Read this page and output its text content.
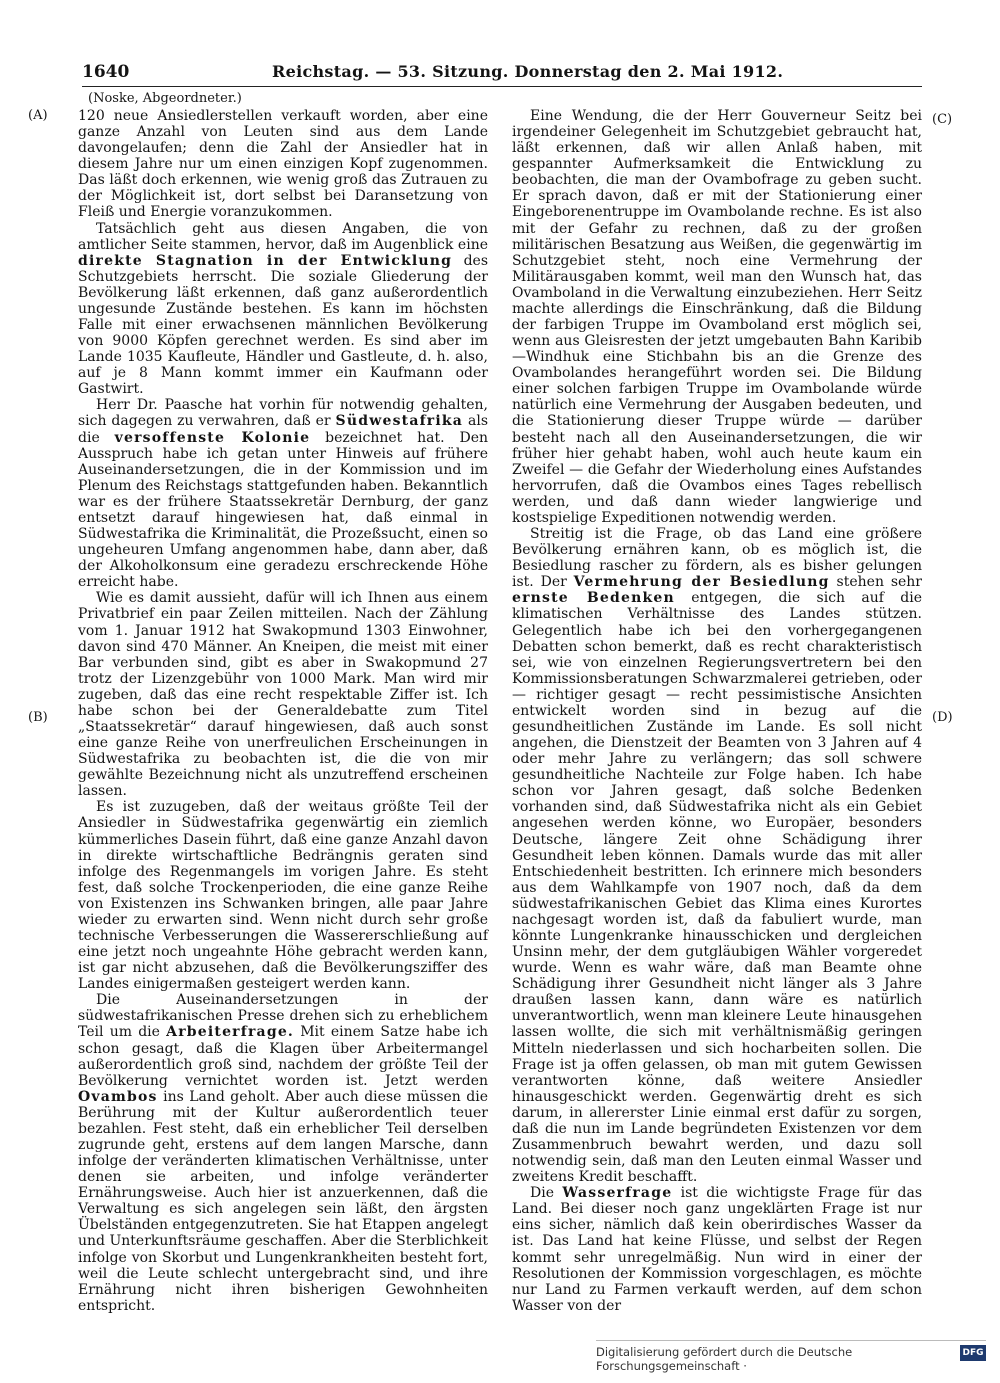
1640	Reichstag. — 53. Sitzung. Donnerstag den 2. Mai 1912.
(Noske, Abgeordneter.)
(A)
(B)
(C)
(D)

120 neue Ansiedlerstellen verkauft worden, aber eine ganze Anzahl von Leuten sind aus dem Lande davongelaufen; denn die Zahl der Ansiedler hat in diesem Jahre nur um einen einzigen Kopf zugenommen. Das läßt doch erkennen, wie wenig groß das Zutrauen zu der Möglichkeit ist, dort selbst bei Daransetzung von Fleiß und Energie voranzukommen.

Tatsächlich geht aus diesen Angaben, die von amtlicher Seite stammen, hervor, daß im Augenblick eine direkte Stagnation in der Entwicklung des Schutzgebiets herrscht. Die soziale Gliederung der Bevölkerung läßt erkennen, daß ganz außerordentlich ungesunde Zustände bestehen. Es kann im höchsten Falle mit einer erwachsenen männlichen Bevölkerung von 9000 Köpfen gerechnet werden. Es sind aber im Lande 1035 Kaufleute, Händler und Gastleute, d. h. also, auf je 8 Mann kommt immer ein Kaufmann oder Gastwirt.

Herr Dr. Paasche hat vorhin für notwendig gehalten, sich dagegen zu verwahren, daß er Südwestafrika als die versoffenste Kolonie bezeichnet hat. Den Ausspruch habe ich getan unter Hinweis auf frühere Auseinandersetzungen, die in der Kommission und im Plenum des Reichstags stattgefunden haben. Bekanntlich war es der frühere Staatssekretär Dernburg, der ganz entsetzt darauf hingewiesen hat, daß einmal in Südwestafrika die Kriminalität, die Prozeßsucht, einen so ungeheuren Umfang angenommen habe, dann aber, daß der Alkoholkonsum eine geradezu erschreckende Höhe erreicht habe.

Wie es damit aussieht, dafür will ich Ihnen aus einem Privatbrief ein paar Zeilen mitteilen. Nach der Zählung vom 1. Januar 1912 hat Swakopmund 1303 Einwohner, davon sind 470 Männer. An Kneipen, die meist mit einer Bar verbunden sind, gibt es aber in Swakopmund 27 trotz der Lizenzgebühr von 1000 Mark. Man wird mir zugeben, daß das eine recht respektable Ziffer ist. Ich habe schon bei der Generaldebatte zum Titel „Staatssekretär“ darauf hingewiesen, daß auch sonst eine ganze Reihe von unerfreulichen Erscheinungen in Südwestafrika zu beobachten ist, die die von mir gewählte Bezeichnung nicht als unzutreffend erscheinen lassen.

Es ist zuzugeben, daß der weitaus größte Teil der Ansiedler in Südwestafrika gegenwärtig ein ziemlich kümmerliches Dasein führt, daß eine ganze Anzahl davon in direkte wirtschaftliche Bedrängnis geraten sind infolge des Regenmangels im vorigen Jahre. Es steht fest, daß solche Trockenperioden, die eine ganze Reihe von Existenzen ins Schwanken bringen, alle paar Jahre wieder zu erwarten sind. Wenn nicht durch sehr große technische Verbesserungen die Wassererschließung auf eine jetzt noch ungeahnte Höhe gebracht werden kann, ist gar nicht abzusehen, daß die Bevölkerungsziffer des Landes einigermaßen gesteigert werden kann.

Die Auseinandersetzungen in der südwestafrikanischen Presse drehen sich zu erheblichem Teil um die Arbeiterfrage. Mit einem Satze habe ich schon gesagt, daß die Klagen über Arbeitermangel außerordentlich groß sind, nachdem der größte Teil der Bevölkerung vernichtet worden ist. Jetzt werden Ovambos ins Land geholt. Aber auch diese müssen die Berührung mit der Kultur außerordentlich teuer bezahlen. Fest steht, daß ein erheblicher Teil derselben zugrunde geht, erstens auf dem langen Marsche, dann infolge der veränderten klimatischen Verhältnisse, unter denen sie arbeiten, und infolge veränderter Ernährungsweise. Auch hier ist anzuerkennen, daß die Verwaltung es sich angelegen sein läßt, den ärgsten Übelständen entgegenzutreten. Sie hat Etappen angelegt und Unterkunftsräume geschaffen. Aber die Sterblichkeit infolge von Skorbut und Lungenkrankheiten besteht fort, weil die Leute schlecht untergebracht sind, und ihre Ernährung nicht ihren bisherigen Gewohnheiten entspricht.

Eine Wendung, die der Herr Gouverneur Seitz bei irgendeiner Gelegenheit im Schutzgebiet gebraucht hat, läßt erkennen, daß wir allen Anlaß haben, mit gespannter Aufmerksamkeit die Entwicklung zu beobachten, die man der Ovambofrage zu geben sucht. Er sprach davon, daß er mit der Stationierung einer Eingeborenentruppe im Ovambolande rechne. Es ist also mit der Gefahr zu rechnen, daß zu der großen militärischen Besatzung aus Weißen, die gegenwärtig im Schutzgebiet steht, noch eine Vermehrung der Militärausgaben kommt, weil man den Wunsch hat, das Ovamboland in die Verwaltung einzubeziehen. Herr Seitz machte allerdings die Einschränkung, daß die Bildung der farbigen Truppe im Ovamboland erst möglich sei, wenn aus Gleisresten der jetzt umgebauten Bahn Karibib—Windhuk eine Stichbahn bis an die Grenze des Ovambolandes herangeführt worden sei. Die Bildung einer solchen farbigen Truppe im Ovambolande würde natürlich eine Vermehrung der Ausgaben bedeuten, und die Stationierung dieser Truppe würde — darüber besteht nach all den Auseinandersetzungen, die wir früher hier gehabt haben, wohl auch heute kaum ein Zweifel — die Gefahr der Wiederholung eines Aufstandes hervorrufen, daß die Ovambos eines Tages rebellisch werden, und daß dann wieder langwierige und kostspielige Expeditionen notwendig werden.

Streitig ist die Frage, ob das Land eine größere Bevölkerung ernähren kann, ob es möglich ist, die Besiedlung rascher zu fördern, als es bisher gelungen ist. Der Vermehrung der Besiedlung stehen sehr ernste Bedenken entgegen, die sich auf die klimatischen Verhältnisse des Landes stützen. Gelegentlich habe ich bei den vorhergegangenen Debatten schon bemerkt, daß es recht charakteristisch sei, wie von einzelnen Regierungsvertretern bei den Kommissionsberatungen Schwarzmalerei getrieben, oder — richtiger gesagt — recht pessimistische Ansichten entwickelt worden sind in bezug auf die gesundheitlichen Zustände im Lande. Es soll nicht angehen, die Dienstzeit der Beamten von 3 Jahren auf 4 oder mehr Jahre zu verlängern; das soll schwere gesundheitliche Nachteile zur Folge haben. Ich habe schon vor Jahren gesagt, daß solche Bedenken vorhanden sind, daß Südwestafrika nicht als ein Gebiet angesehen werden könne, wo Europäer, besonders Deutsche, längere Zeit ohne Schädigung ihrer Gesundheit leben können. Damals wurde das mit aller Entschiedenheit bestritten. Ich erinnere mich besonders aus dem Wahlkampfe von 1907 noch, daß da dem südwestafrikanischen Gebiet das Klima eines Kurortes nachgesagt worden ist, daß da fabuliert wurde, man könnte Lungenkranke hinausschicken und dergleichen Unsinn mehr, der dem gutgläubigen Wähler vorgeredet wurde. Wenn es wahr wäre, daß man Beamte ohne Schädigung ihrer Gesundheit nicht länger als 3 Jahre draußen lassen kann, dann wäre es natürlich unverantwortlich, wenn man kleinere Leute hinausgehen lassen wollte, die sich mit verhältnismäßig geringen Mitteln niederlassen und sich hocharbeiten sollen. Die Frage ist ja offen gelassen, ob man mit gutem Gewissen verantworten könne, daß weitere Ansiedler hinausgeschickt werden. Gegenwärtig dreht es sich darum, in allererster Linie einmal erst dafür zu sorgen, daß die nun im Lande begründeten Existenzen vor dem Zusammenbruch bewahrt werden, und dazu soll notwendig sein, daß man den Leuten einmal Wasser und zweitens Kredit beschafft.

Die Wasserfrage ist die wichtigste Frage für das Land. Bei dieser noch ganz ungeklärten Frage ist nur eins sicher, nämlich daß kein oberirdisches Wasser da ist. Das Land hat keine Flüsse, und selbst der Regen kommt sehr unregelmäßig. Nun wird in einer der Resolutionen der Kommission vorgeschlagen, es möchte nur Land zu Farmen verkauft werden, auf dem schon Wasser von der

Digitalisierung gefördert durch die Deutsche Forschungsgemeinschaft ·
DFG
